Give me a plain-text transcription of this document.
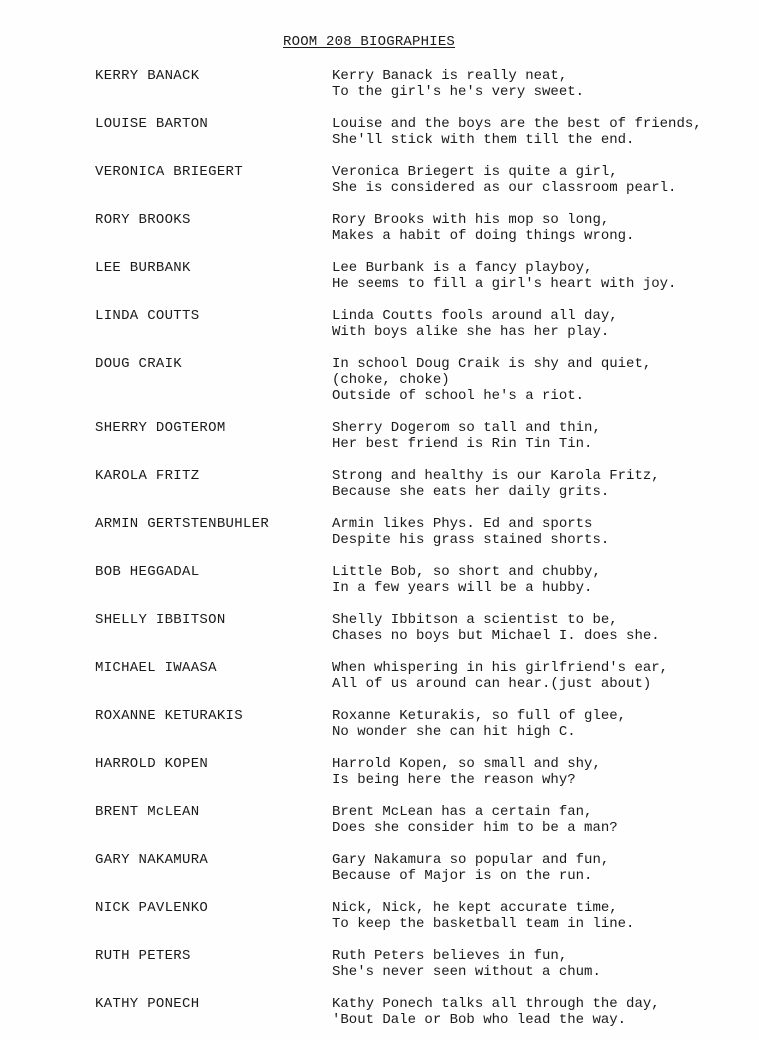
ROOM 208 BIOGRAPHIES
KERRY BANACK	Kerry Banack is really neat,
To the girl's he's very sweet.
LOUISE BARTON	Louise and the boys are the best of friends,
She'll stick with them till the end.
VERONICA BRIEGERT	Veronica Briegert is quite a girl,
She is considered as our classroom pearl.
RORY BROOKS	Rory Brooks with his mop so long,
Makes a habit of doing things wrong.
LEE BURBANK	Lee Burbank is a fancy playboy,
He seems to fill a girl's heart with joy.
LINDA COUTTS	Linda Coutts fools around all day,
With boys alike she has her play.
DOUG CRAIK	In school Doug Craik is shy and quiet,
(choke, choke)
Outside of school he's a riot.
SHERRY DOGTEROM	Sherry Dogerom so tall and thin,
Her best friend is Rin Tin Tin.
KAROLA FRITZ	Strong and healthy is our Karola Fritz,
Because she eats her daily grits.
ARMIN GERTSTENBUHLER	Armin likes Phys. Ed and sports
Despite his grass stained shorts.
BOB HEGGADAL	Little Bob, so short and chubby,
In a few years will be a hubby.
SHELLY IBBITSON	Shelly Ibbitson a scientist to be,
Chases no boys but Michael I. does she.
MICHAEL IWAASA	When whispering in his girlfriend's ear,
All of us around can hear.(just about)
ROXANNE KETURAKIS	Roxanne Keturakis, so full of glee,
No wonder she can hit high C.
HARROLD KOPEN	Harrold Kopen, so small and shy,
Is being here the reason why?
BRENT McLEAN	Brent McLean has a certain fan,
Does she consider him to be a man?
GARY NAKAMURA	Gary Nakamura so popular and fun,
Because of Major is on the run.
NICK PAVLENKO	Nick, Nick, he kept accurate time,
To keep the basketball team in line.
RUTH PETERS	Ruth Peters believes in fun,
She's never seen without a chum.
KATHY PONECH	Kathy Ponech talks all through the day,
'Bout Dale or Bob who lead the way.
